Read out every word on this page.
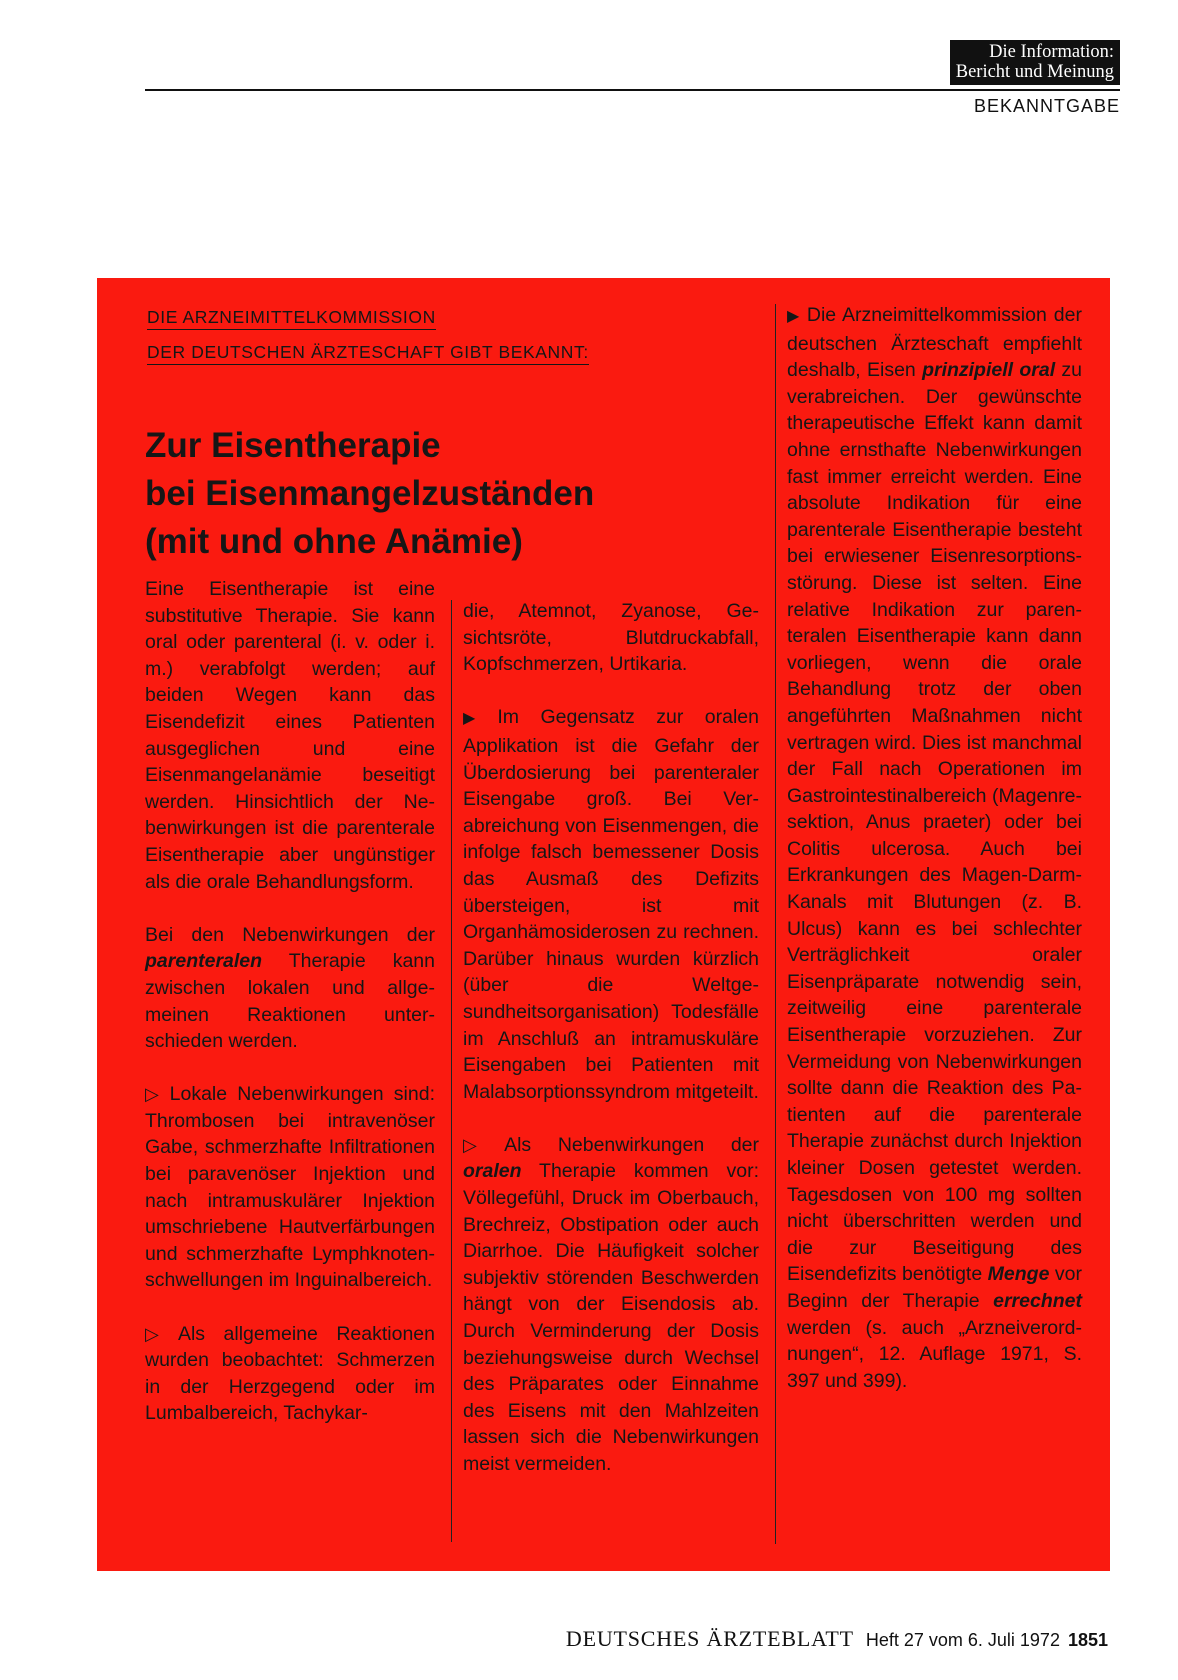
Die Information:
Bericht und Meinung
BEKANNTGABE
DIE ARZNEIMITTELKOMMISSION
DER DEUTSCHEN ÄRZTESCHAFT GIBT BEKANNT:
Zur Eisentherapie
bei Eisenmangelzuständen
(mit und ohne Anämie)

Eine Eisentherapie ist eine substitutive Therapie. Sie kann oral oder parenteral (i. v. oder i. m.) verabfolgt werden; auf beiden Wegen kann das Eisendefizit eines Patienten ausgeglichen und eine Eisenmangelanämie beseitigt werden. Hinsichtlich der Nebenwirkungen ist die parenterale Eisentherapie aber ungünstiger als die orale Behandlungsform.

Bei den Nebenwirkungen der parenteralen Therapie kann zwischen lokalen und allgemeinen Reaktionen unterschieden werden.

▷ Lokale Nebenwirkungen sind: Thrombosen bei intravenöser Gabe, schmerzhafte Infiltrationen bei paravenöser Injektion und nach intramuskulärer Injektion umschriebene Hautverfärbungen und schmerzhafte Lymphknotenschwellungen im Inguinalbereich.

▷ Als allgemeine Reaktionen wurden beobachtet: Schmerzen in der Herzgegend oder im Lumbalbereich, Tachykar-

die, Atemnot, Zyanose, Gesichtsröte, Blutdruckabfall, Kopfschmerzen, Urtikaria.

▶ Im Gegensatz zur oralen Applikation ist die Gefahr der Überdosierung bei parenteraler Eisengabe groß. Bei Verabreichung von Eisenmengen, die infolge falsch bemessener Dosis das Ausmaß des Defizits übersteigen, ist mit Organhämosiderosen zu rechnen. Darüber hinaus wurden kürzlich (über die Weltgesundheitsorganisation) Todesfälle im Anschluß an intramuskuläre Eisengaben bei Patienten mit Malabsorptionssyndrom mitgeteilt.

▷ Als Nebenwirkungen der oralen Therapie kommen vor: Völlegefühl, Druck im Oberbauch, Brechreiz, Obstipation oder auch Diarrhoe. Die Häufigkeit solcher subjektiv störenden Beschwerden hängt von der Eisendosis ab. Durch Verminderung der Dosis beziehungsweise durch Wechsel des Präparates oder Einnahme des Eisens mit den Mahlzeiten lassen sich die Nebenwirkungen meist vermeiden.

▶ Die Arzneimittelkommission der deutschen Ärzteschaft empfiehlt deshalb, Eisen prinzipiell oral zu verabreichen. Der gewünschte therapeutische Effekt kann damit ohne ernsthafte Nebenwirkungen fast immer erreicht werden. Eine absolute Indikation für eine parenterale Eisentherapie besteht bei erwiesener Eisenresorptionsstörung. Diese ist selten. Eine relative Indikation zur parenteralen Eisentherapie kann dann vorliegen, wenn die orale Behandlung trotz der oben angeführten Maßnahmen nicht vertragen wird. Dies ist manchmal der Fall nach Operationen im Gastrointestinalbereich (Magenresektion, Anus praeter) oder bei Colitis ulcerosa. Auch bei Erkrankungen des Magen-Darm-Kanals mit Blutungen (z. B. Ulcus) kann es bei schlechter Verträglichkeit oraler Eisenpräparate notwendig sein, zeitweilig eine parenterale Eisentherapie vorzuziehen. Zur Vermeidung von Nebenwirkungen sollte dann die Reaktion des Patienten auf die parenterale Therapie zunächst durch Injektion kleiner Dosen getestet werden. Tagesdosen von 100 mg sollten nicht überschritten werden und die zur Beseitigung des Eisendefizits benötigte Menge vor Beginn der Therapie errechnet werden (s. auch „Arzneiverordnungen“, 12. Auflage 1971, S. 397 und 399).

DEUTSCHES ÄRZTEBLATT Heft 27 vom 6. Juli 1972 1851
